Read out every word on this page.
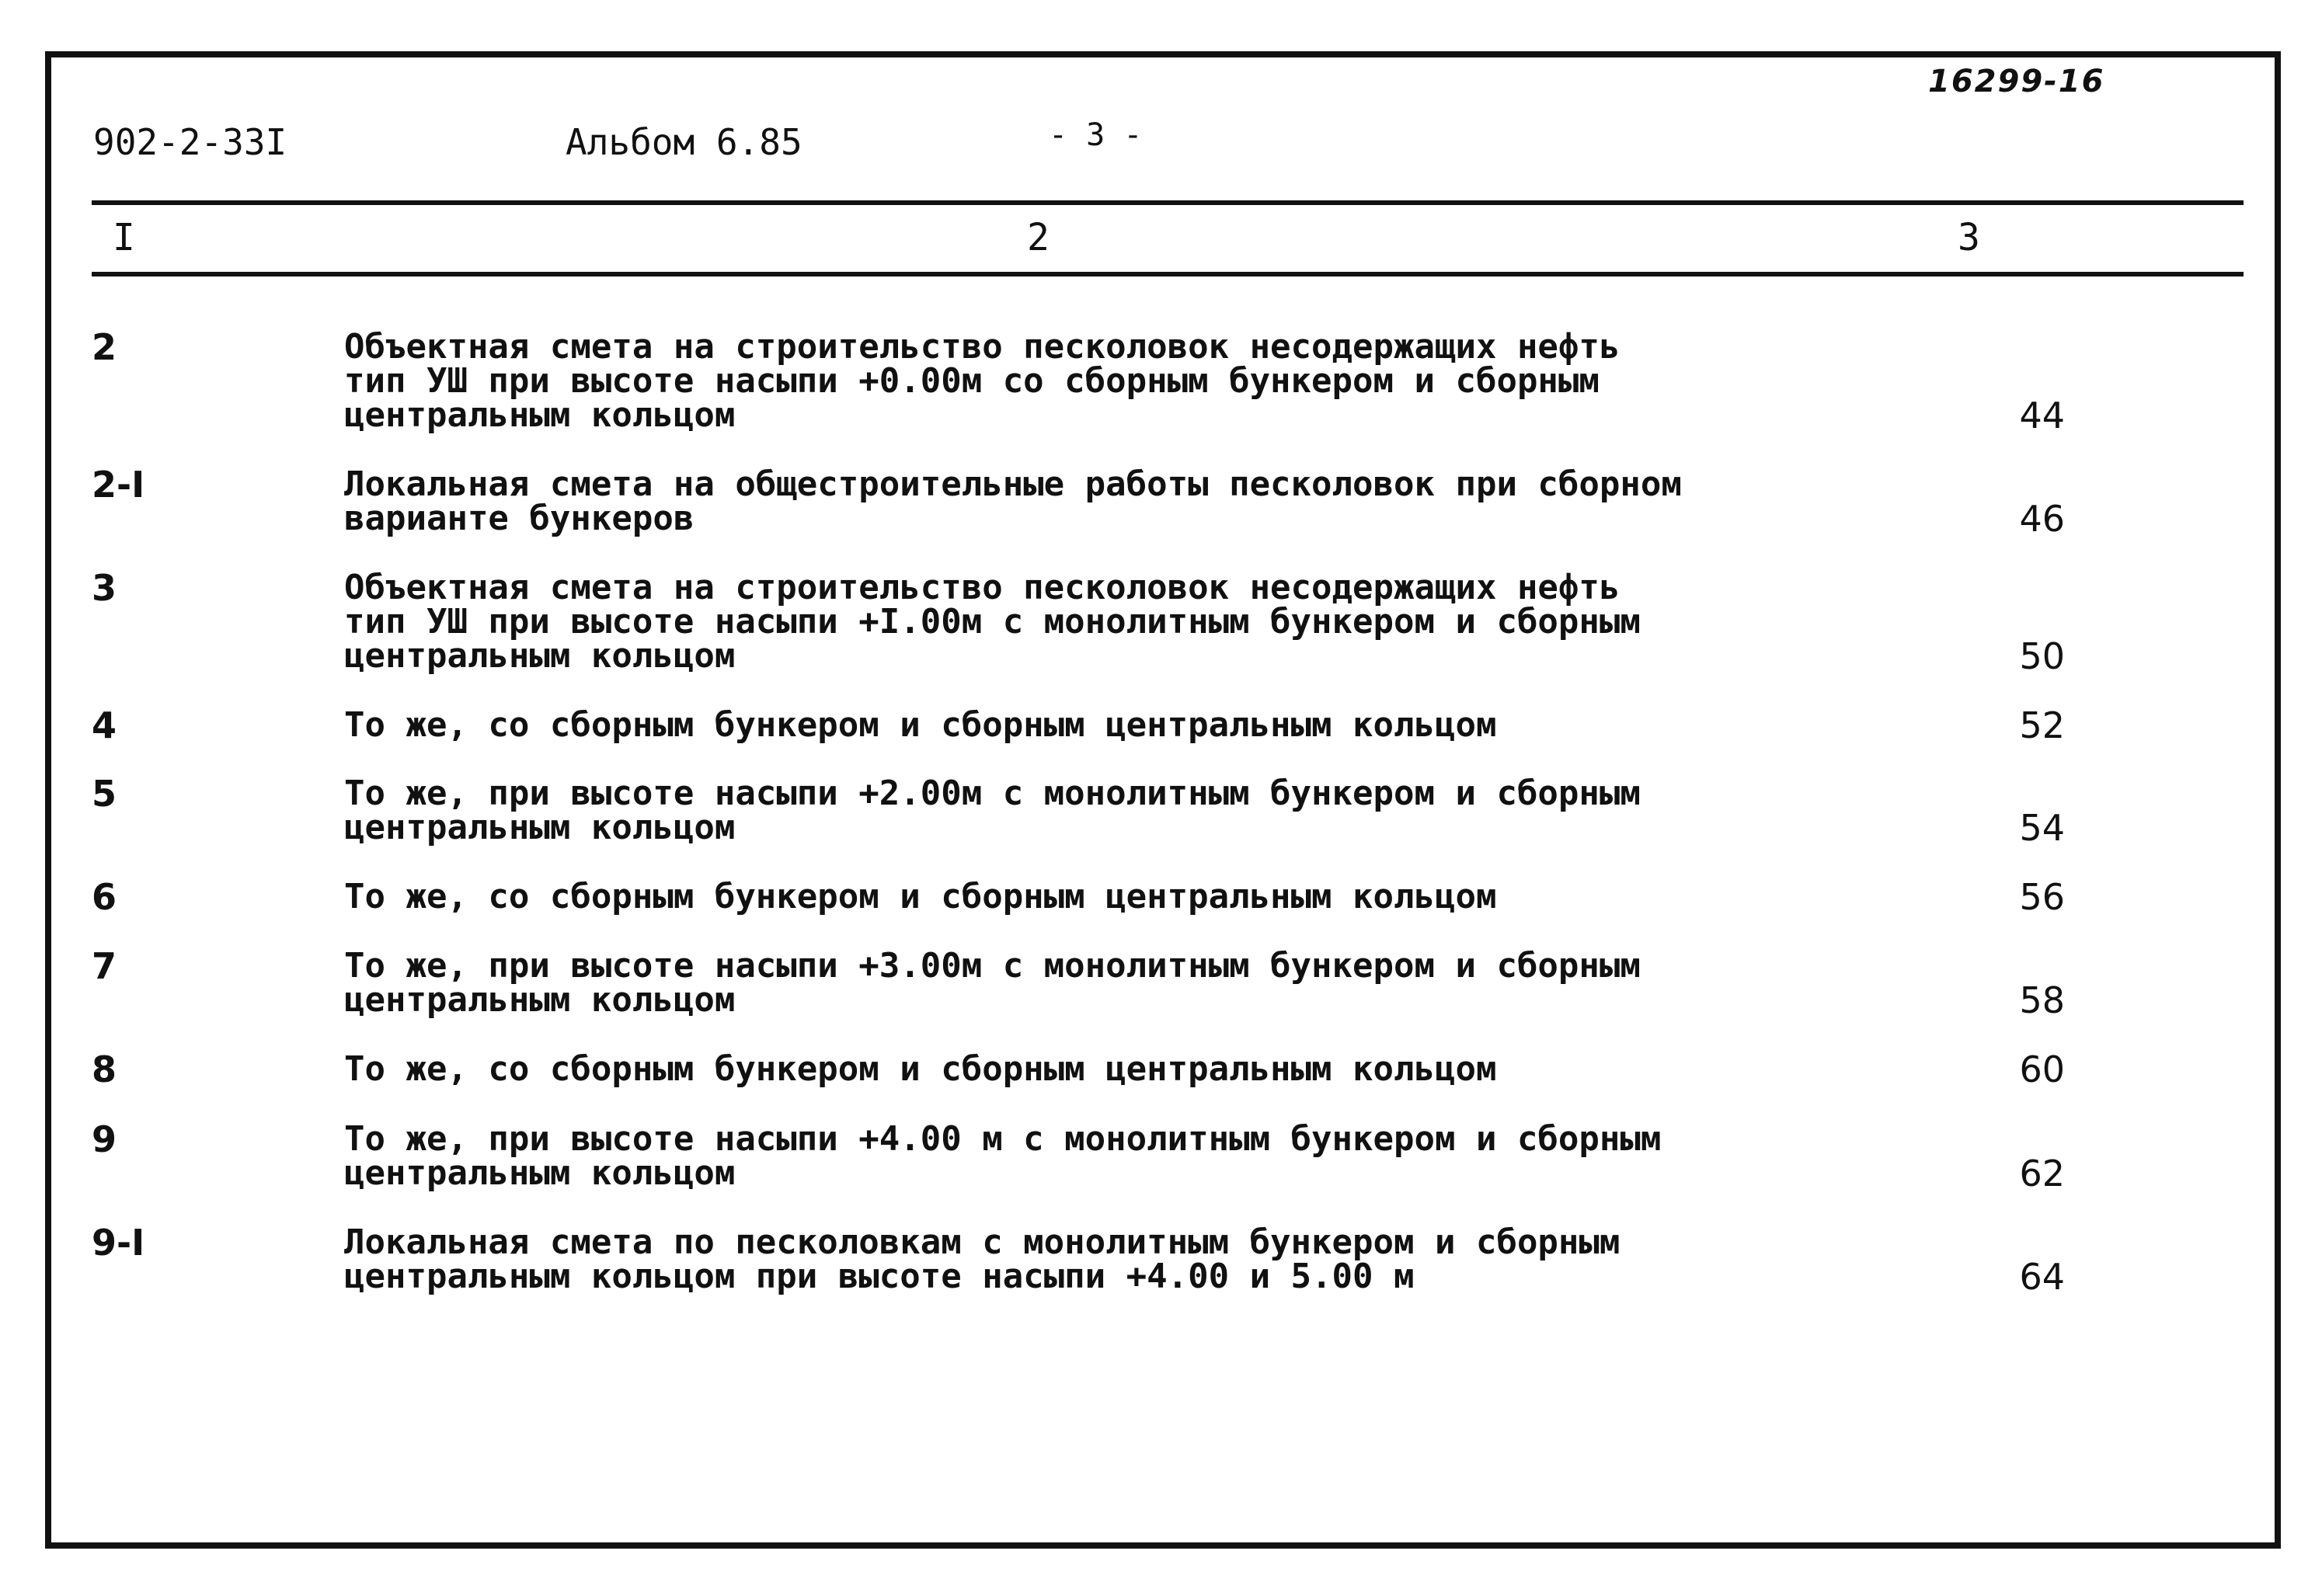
902-2-33I	Альбом 6.85	- 3 -
16299-16
I	2	3
2	Объектная смета на строительство песколовок несодержащих нефть
тип УШ при высоте насыпи +0.00м со сборным бункером и сборным
центральным кольцом	44
2-I	Локальная смета на общестроительные работы песколовок при сборном
варианте бункеров	46
3	Объектная смета на строительство песколовок несодержащих нефть
тип УШ при высоте насыпи +I.00м с монолитным бункером и сборным
центральным кольцом	50
4	То же, со сборным бункером и сборным центральным кольцом	52
5	То же, при высоте насыпи +2.00м с монолитным бункером и сборным
центральным кольцом	54
6	То же, со сборным бункером и сборным центральным кольцом	56
7	То же, при высоте насыпи +3.00м с монолитным бункером и сборным
центральным кольцом	58
8	То же, со сборным бункером и сборным центральным кольцом	60
9	То же, при высоте насыпи +4.00 м с монолитным бункером и сборным
центральным кольцом	62
9-I	Локальная смета по песколовкам с монолитным бункером и сборным
центральным кольцом при высоте насыпи +4.00 и 5.00 м	64
